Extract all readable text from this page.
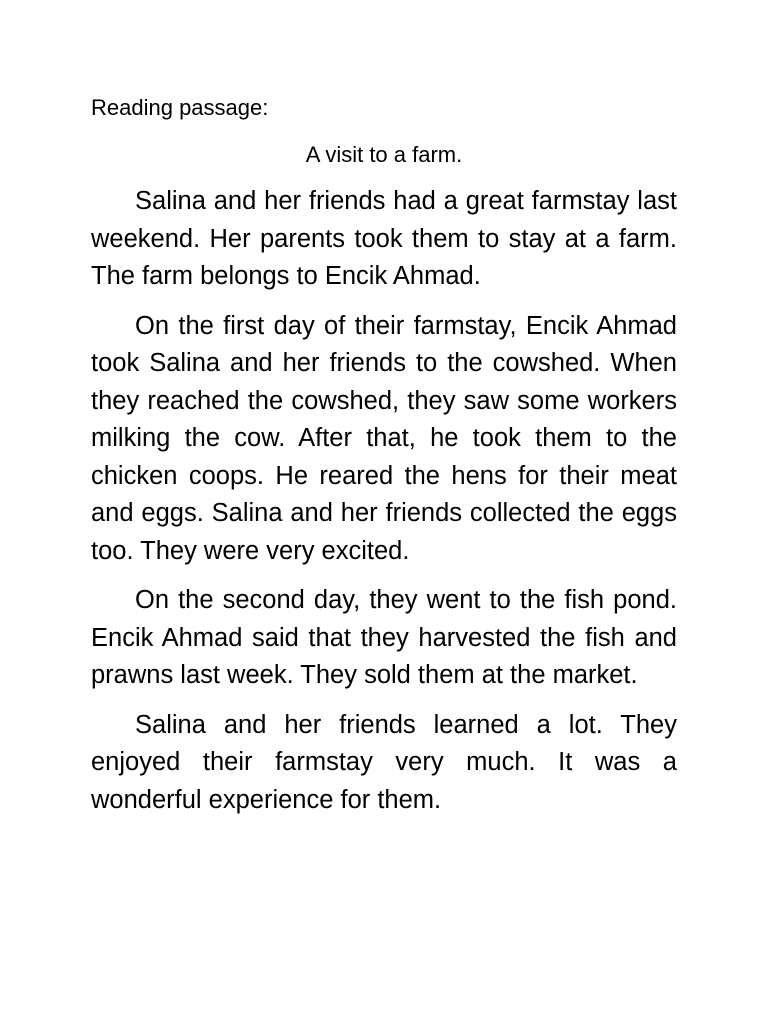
Reading passage:

A visit to a farm.

Salina and her friends had a great farmstay last weekend. Her parents took them to stay at a farm. The farm belongs to Encik Ahmad.

On the first day of their farmstay, Encik Ahmad took Salina and her friends to the cowshed. When they reached the cowshed, they saw some workers milking the cow. After that, he took them to the chicken coops. He reared the hens for their meat and eggs. Salina and her friends collected the eggs too. They were very excited.

On the second day, they went to the fish pond. Encik Ahmad said that they harvested the fish and prawns last week. They sold them at the market.

Salina and her friends learned a lot. They enjoyed their farmstay very much. It was a wonderful experience for them.
